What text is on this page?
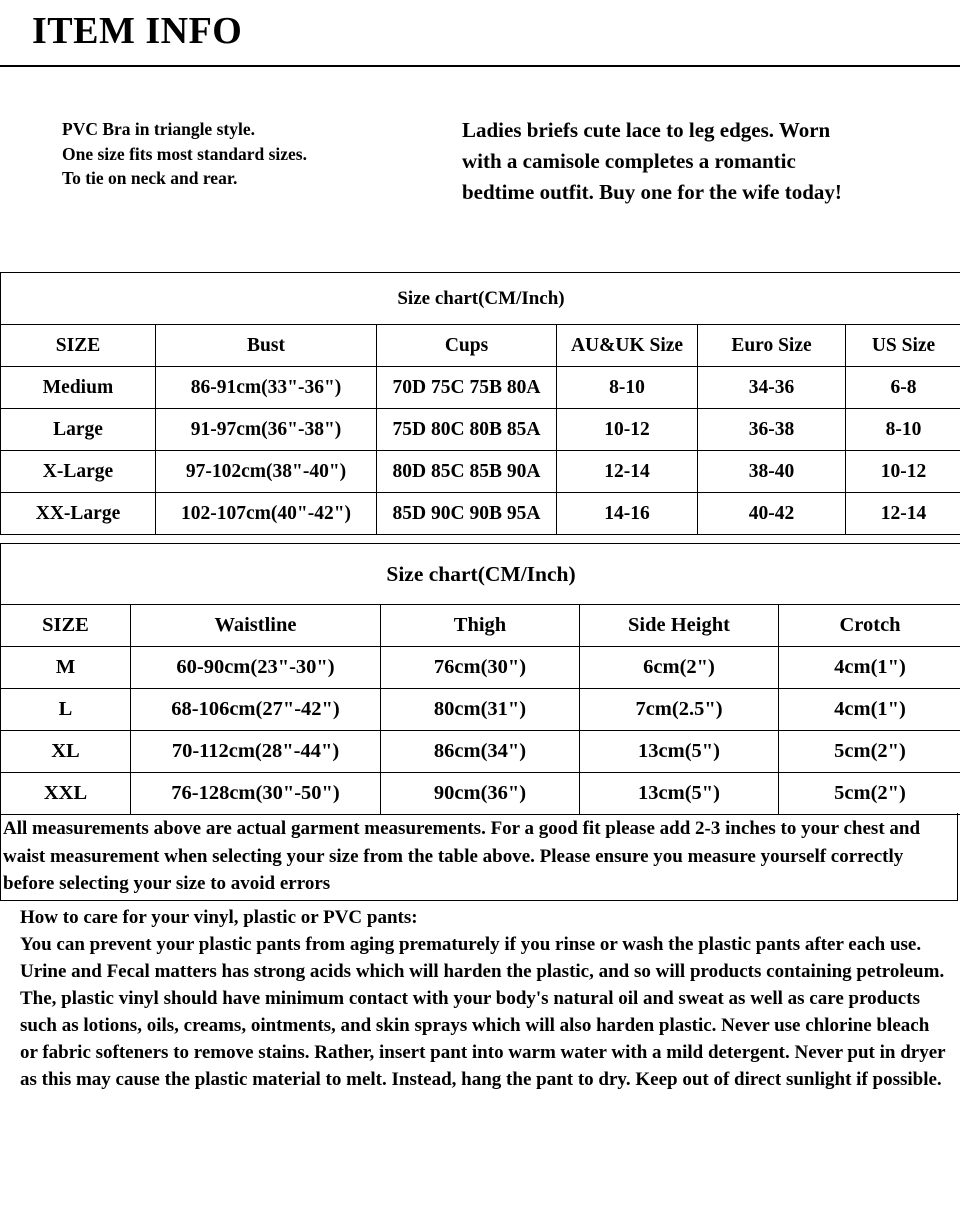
ITEM INFO
PVC Bra in triangle style.
One size fits most standard sizes.
To tie on neck and rear.
Ladies briefs cute lace to leg edges. Worn
with a camisole completes a romantic
bedtime outfit. Buy one for the wife today!
Size chart(CM/Inch)					
SIZE	Bust	Cups	AU&UK Size	Euro Size	US Size
Medium	86-91cm(33"-36")	70D 75C 75B 80A	8-10	34-36	6-8
Large	91-97cm(36"-38")	75D 80C 80B 85A	10-12	36-38	8-10
X-Large	97-102cm(38"-40")	80D 85C 85B 90A	12-14	38-40	10-12
XX-Large	102-107cm(40"-42")	85D 90C 90B 95A	14-16	40-42	12-14
Size chart(CM/Inch)				
SIZE	Waistline	Thigh	Side Height	Crotch
M	60-90cm(23"-30")	76cm(30")	6cm(2")	4cm(1")
L	68-106cm(27"-42")	80cm(31")	7cm(2.5")	4cm(1")
XL	70-112cm(28"-44")	86cm(34")	13cm(5")	5cm(2")
XXL	76-128cm(30"-50")	90cm(36")	13cm(5")	5cm(2")
All measurements above are actual garment measurements. For a good fit please add 2-3 inches to your chest and waist measurement when selecting your size from the table above. Please ensure you measure yourself correctly before selecting your size to avoid errors
How to care for your vinyl, plastic or PVC pants:
You can prevent your plastic pants from aging prematurely if you rinse or wash the plastic pants after each use. Urine and Fecal matters has strong acids which will harden the plastic, and so will products containing petroleum. The, plastic vinyl should have minimum contact with your body's natural oil and sweat as well as care products such as lotions, oils, creams, ointments, and skin sprays which will also harden plastic. Never use chlorine bleach or fabric softeners to remove stains. Rather, insert pant into warm water with a mild detergent. Never put in dryer as this may cause the plastic material to melt. Instead, hang the pant to dry. Keep out of direct sunlight if possible.
